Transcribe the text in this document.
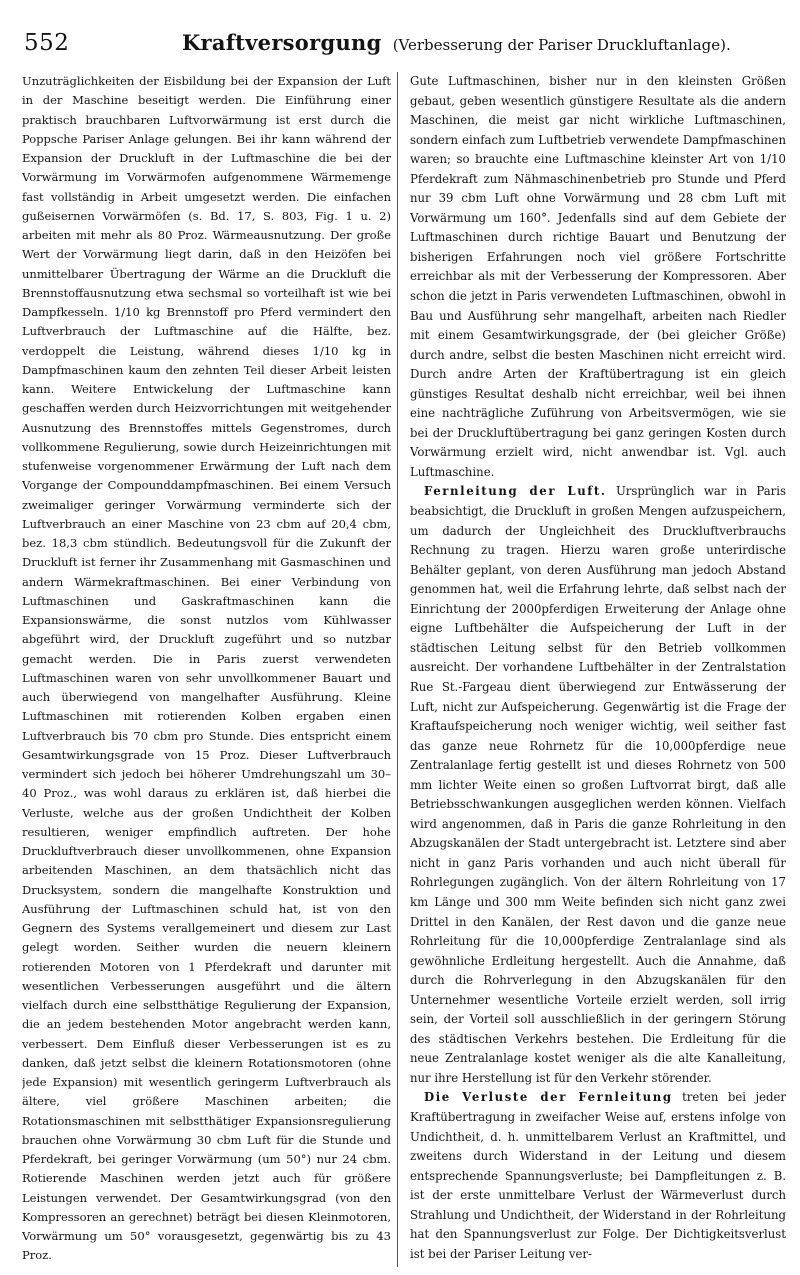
552	Kraftversorgung (Verbesserung der Pariser Druckluftanlage).

Unzuträglichkeiten der Eisbildung bei der Expansion der Luft in der Maschine beseitigt werden. Die Einführung einer praktisch brauchbaren Luftvorwärmung ist erst durch die Poppsche Pariser Anlage gelungen. Bei ihr kann während der Expansion der Druckluft in der Luftmaschine die bei der Vorwärmung im Vorwärmofen aufgenommene Wärmemenge fast vollständig in Arbeit umgesetzt werden. Die einfachen gußeisernen Vorwärmöfen (s. Bd. 17, S. 803, Fig. 1 u. 2) arbeiten mit mehr als 80 Proz. Wärmeausnutzung. Der große Wert der Vorwärmung liegt darin, daß in den Heizöfen bei unmittelbarer Übertragung der Wärme an die Druckluft die Brennstoffausnutzung etwa sechsmal so vorteilhaft ist wie bei Dampfkesseln. 1/10 kg Brennstoff pro Pferd vermindert den Luftverbrauch der Luftmaschine auf die Hälfte, bez. verdoppelt die Leistung, während dieses 1/10 kg in Dampfmaschinen kaum den zehnten Teil dieser Arbeit leisten kann. Weitere Entwickelung der Luftmaschine kann geschaffen werden durch Heizvorrichtungen mit weitgehender Ausnutzung des Brennstoffes mittels Gegenstromes, durch vollkommene Regulierung, sowie durch Heizeinrichtungen mit stufenweise vorgenommener Erwärmung der Luft nach dem Vorgange der Compounddampfmaschinen. Bei einem Versuch zweimaliger geringer Vorwärmung verminderte sich der Luftverbrauch an einer Maschine von 23 cbm auf 20,4 cbm, bez. 18,3 cbm stündlich. Bedeutungsvoll für die Zukunft der Druckluft ist ferner ihr Zusammenhang mit Gasmaschinen und andern Wärmekraftmaschinen. Bei einer Verbindung von Luftmaschinen und Gaskraftmaschinen kann die Expansionswärme, die sonst nutzlos vom Kühlwasser abgeführt wird, der Druckluft zugeführt und so nutzbar gemacht werden. Die in Paris zuerst verwendeten Luftmaschinen waren von sehr unvollkommener Bauart und auch überwiegend von mangelhafter Ausführung. Kleine Luftmaschinen mit rotierenden Kolben ergaben einen Luftverbrauch bis 70 cbm pro Stunde. Dies entspricht einem Gesamtwirkungsgrade von 15 Proz. Dieser Luftverbrauch vermindert sich jedoch bei höherer Umdrehungszahl um 30–40 Proz., was wohl daraus zu erklären ist, daß hierbei die Verluste, welche aus der großen Undichtheit der Kolben resultieren, weniger empfindlich auftreten. Der hohe Druckluftverbrauch dieser unvollkommenen, ohne Expansion arbeitenden Maschinen, an dem thatsächlich nicht das Drucksystem, sondern die mangelhafte Konstruktion und Ausführung der Luftmaschinen schuld hat, ist von den Gegnern des Systems verallgemeinert und diesem zur Last gelegt worden. Seither wurden die neuern kleinern rotierenden Motoren von 1 Pferdekraft und darunter mit wesentlichen Verbesserungen ausgeführt und die ältern vielfach durch eine selbstthätige Regulierung der Expansion, die an jedem bestehenden Motor angebracht werden kann, verbessert. Dem Einfluß dieser Verbesserungen ist es zu danken, daß jetzt selbst die kleinern Rotationsmotoren (ohne jede Expansion) mit wesentlich geringerm Luftverbrauch als ältere, viel größere Maschinen arbeiten; die Rotationsmaschinen mit selbstthätiger Expansionsregulierung brauchen ohne Vorwärmung 30 cbm Luft für die Stunde und Pferdekraft, bei geringer Vorwärmung (um 50°) nur 24 cbm. Rotierende Maschinen werden jetzt auch für größere Leistungen verwendet. Der Gesamtwirkungsgrad (von den Kompressoren an gerechnet) beträgt bei diesen Kleinmotoren, Vorwärmung um 50° vorausgesetzt, gegenwärtig bis zu 43 Proz.

Gute Luftmaschinen, bisher nur in den kleinsten Größen gebaut, geben wesentlich günstigere Resultate als die andern Maschinen, die meist gar nicht wirkliche Luftmaschinen, sondern einfach zum Luftbetrieb verwendete Dampfmaschinen waren; so brauchte eine Luftmaschine kleinster Art von 1/10 Pferdekraft zum Nähmaschinenbetrieb pro Stunde und Pferd nur 39 cbm Luft ohne Vorwärmung und 28 cbm Luft mit Vorwärmung um 160°. Jedenfalls sind auf dem Gebiete der Luftmaschinen durch richtige Bauart und Benutzung der bisherigen Erfahrungen noch viel größere Fortschritte erreichbar als mit der Verbesserung der Kompressoren. Aber schon die jetzt in Paris verwendeten Luftmaschinen, obwohl in Bau und Ausführung sehr mangelhaft, arbeiten nach Riedler mit einem Gesamtwirkungsgrade, der (bei gleicher Größe) durch andre, selbst die besten Maschinen nicht erreicht wird. Durch andre Arten der Kraftübertragung ist ein gleich günstiges Resultat deshalb nicht erreichbar, weil bei ihnen eine nachträgliche Zuführung von Arbeitsvermögen, wie sie bei der Druckluftübertragung bei ganz geringen Kosten durch Vorwärmung erzielt wird, nicht anwendbar ist. Vgl. auch Luftmaschine.

Fernleitung der Luft. Ursprünglich war in Paris beabsichtigt, die Druckluft in großen Mengen aufzuspeichern, um dadurch der Ungleichheit des Druckluftverbrauchs Rechnung zu tragen. Hierzu waren große unterirdische Behälter geplant, von deren Ausführung man jedoch Abstand genommen hat, weil die Erfahrung lehrte, daß selbst nach der Einrichtung der 2000pferdigen Erweiterung der Anlage ohne eigne Luftbehälter die Aufspeicherung der Luft in der städtischen Leitung selbst für den Betrieb vollkommen ausreicht. Der vorhandene Luftbehälter in der Zentralstation Rue St.-Fargeau dient überwiegend zur Entwässerung der Luft, nicht zur Aufspeicherung. Gegenwärtig ist die Frage der Kraftaufspeicherung noch weniger wichtig, weil seither fast das ganze neue Rohrnetz für die 10,000pferdige neue Zentralanlage fertig gestellt ist und dieses Rohrnetz von 500 mm lichter Weite einen so großen Luftvorrat birgt, daß alle Betriebsschwankungen ausgeglichen werden können. Vielfach wird angenommen, daß in Paris die ganze Rohrleitung in den Abzugskanälen der Stadt untergebracht ist. Letztere sind aber nicht in ganz Paris vorhanden und auch nicht überall für Rohrlegungen zugänglich. Von der ältern Rohrleitung von 17 km Länge und 300 mm Weite befinden sich nicht ganz zwei Drittel in den Kanälen, der Rest davon und die ganze neue Rohrleitung für die 10,000pferdige Zentralanlage sind als gewöhnliche Erdleitung hergestellt. Auch die Annahme, daß durch die Rohrverlegung in den Abzugskanälen für den Unternehmer wesentliche Vorteile erzielt werden, soll irrig sein, der Vorteil soll ausschließlich in der geringern Störung des städtischen Verkehrs bestehen. Die Erdleitung für die neue Zentralanlage kostet weniger als die alte Kanalleitung, nur ihre Herstellung ist für den Verkehr störender.

Die Verluste der Fernleitung treten bei jeder Kraftübertragung in zweifacher Weise auf, erstens infolge von Undichtheit, d. h. unmittelbarem Verlust an Kraftmittel, und zweitens durch Widerstand in der Leitung und diesem entsprechende Spannungsverluste; bei Dampfleitungen z. B. ist der erste unmittelbare Verlust der Wärmeverlust durch Strahlung und Undichtheit, der Widerstand in der Rohrleitung hat den Spannungsverlust zur Folge. Der Dichtigkeitsverlust ist bei der Pariser Leitung ver-
